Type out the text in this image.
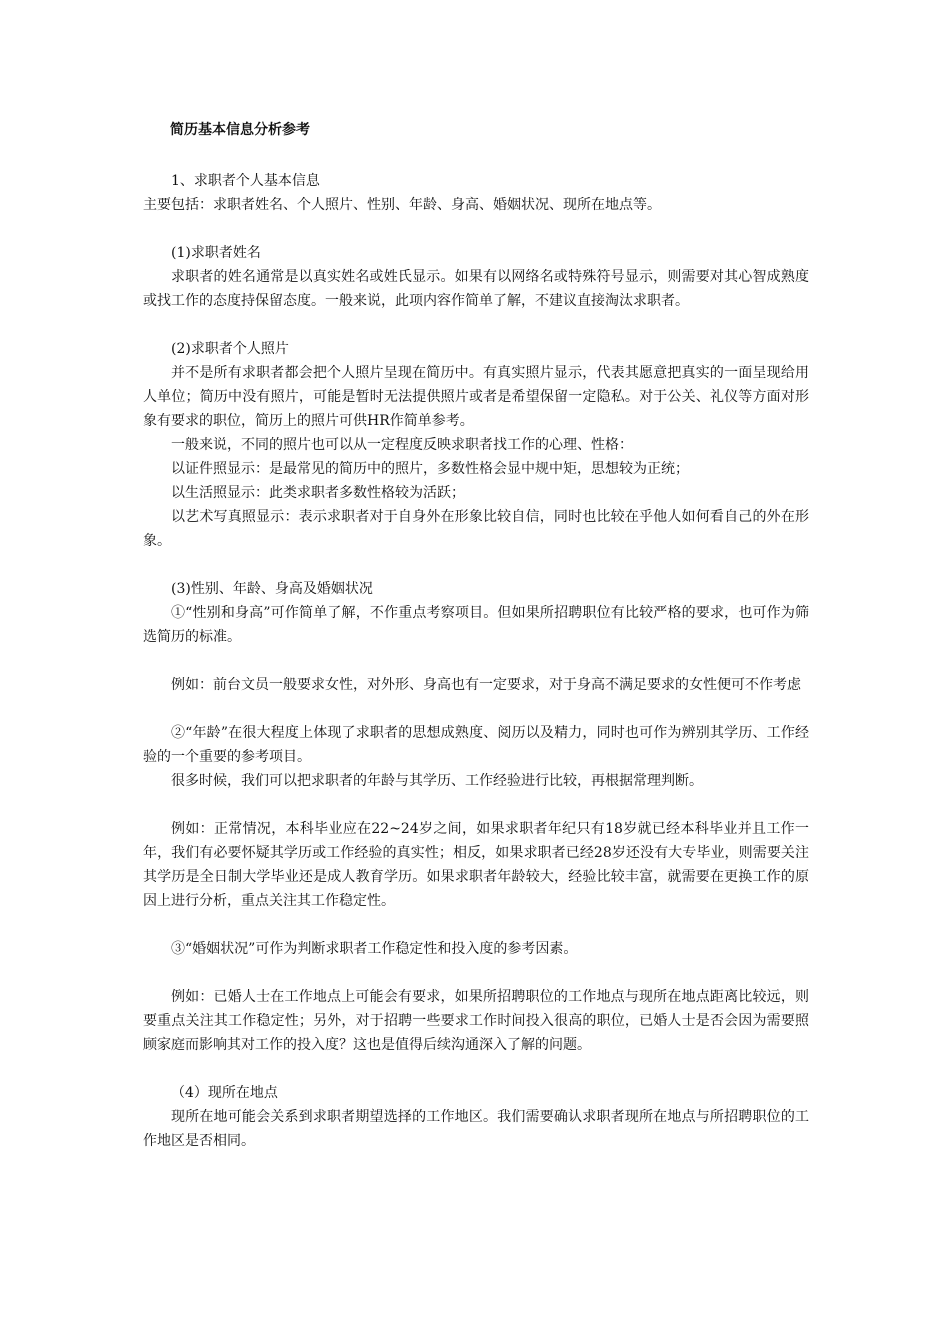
简历基本信息分析参考

1、求职者个人基本信息

主要包括：求职者姓名、个人照片、性别、年龄、身高、婚姻状况、现所在地点等。

(1)求职者姓名

求职者的姓名通常是以真实姓名或姓氏显示。如果有以网络名或特殊符号显示，则需要对其心智成熟度或找工作的态度持保留态度。一般来说，此项内容作简单了解，不建议直接淘汰求职者。

(2)求职者个人照片

并不是所有求职者都会把个人照片呈现在简历中。有真实照片显示，代表其愿意把真实的一面呈现给用人单位；简历中没有照片，可能是暂时无法提供照片或者是希望保留一定隐私。对于公关、礼仪等方面对形象有要求的职位，简历上的照片可供HR作简单参考。

一般来说，不同的照片也可以从一定程度反映求职者找工作的心理、性格：

以证件照显示：是最常见的简历中的照片，多数性格会显中规中矩，思想较为正统；

以生活照显示：此类求职者多数性格较为活跃；

以艺术写真照显示：表示求职者对于自身外在形象比较自信，同时也比较在乎他人如何看自己的外在形象。

(3)性别、年龄、身高及婚姻状况

①“性别和身高”可作简单了解，不作重点考察项目。但如果所招聘职位有比较严格的要求，也可作为筛选简历的标准。

例如：前台文员一般要求女性，对外形、身高也有一定要求，对于身高不满足要求的女性便可不作考虑

②“年龄”在很大程度上体现了求职者的思想成熟度、阅历以及精力，同时也可作为辨别其学历、工作经验的一个重要的参考项目。

很多时候，我们可以把求职者的年龄与其学历、工作经验进行比较，再根据常理判断。

例如：正常情况，本科毕业应在22~24岁之间，如果求职者年纪只有18岁就已经本科毕业并且工作一年，我们有必要怀疑其学历或工作经验的真实性；相反，如果求职者已经28岁还没有大专毕业，则需要关注其学历是全日制大学毕业还是成人教育学历。如果求职者年龄较大，经验比较丰富，就需要在更换工作的原因上进行分析，重点关注其工作稳定性。

③“婚姻状况”可作为判断求职者工作稳定性和投入度的参考因素。

例如：已婚人士在工作地点上可能会有要求，如果所招聘职位的工作地点与现所在地点距离比较远，则要重点关注其工作稳定性；另外，对于招聘一些要求工作时间投入很高的职位，已婚人士是否会因为需要照顾家庭而影响其对工作的投入度？这也是值得后续沟通深入了解的问题。

（4）现所在地点

现所在地可能会关系到求职者期望选择的工作地区。我们需要确认求职者现所在地点与所招聘职位的工作地区是否相同。
